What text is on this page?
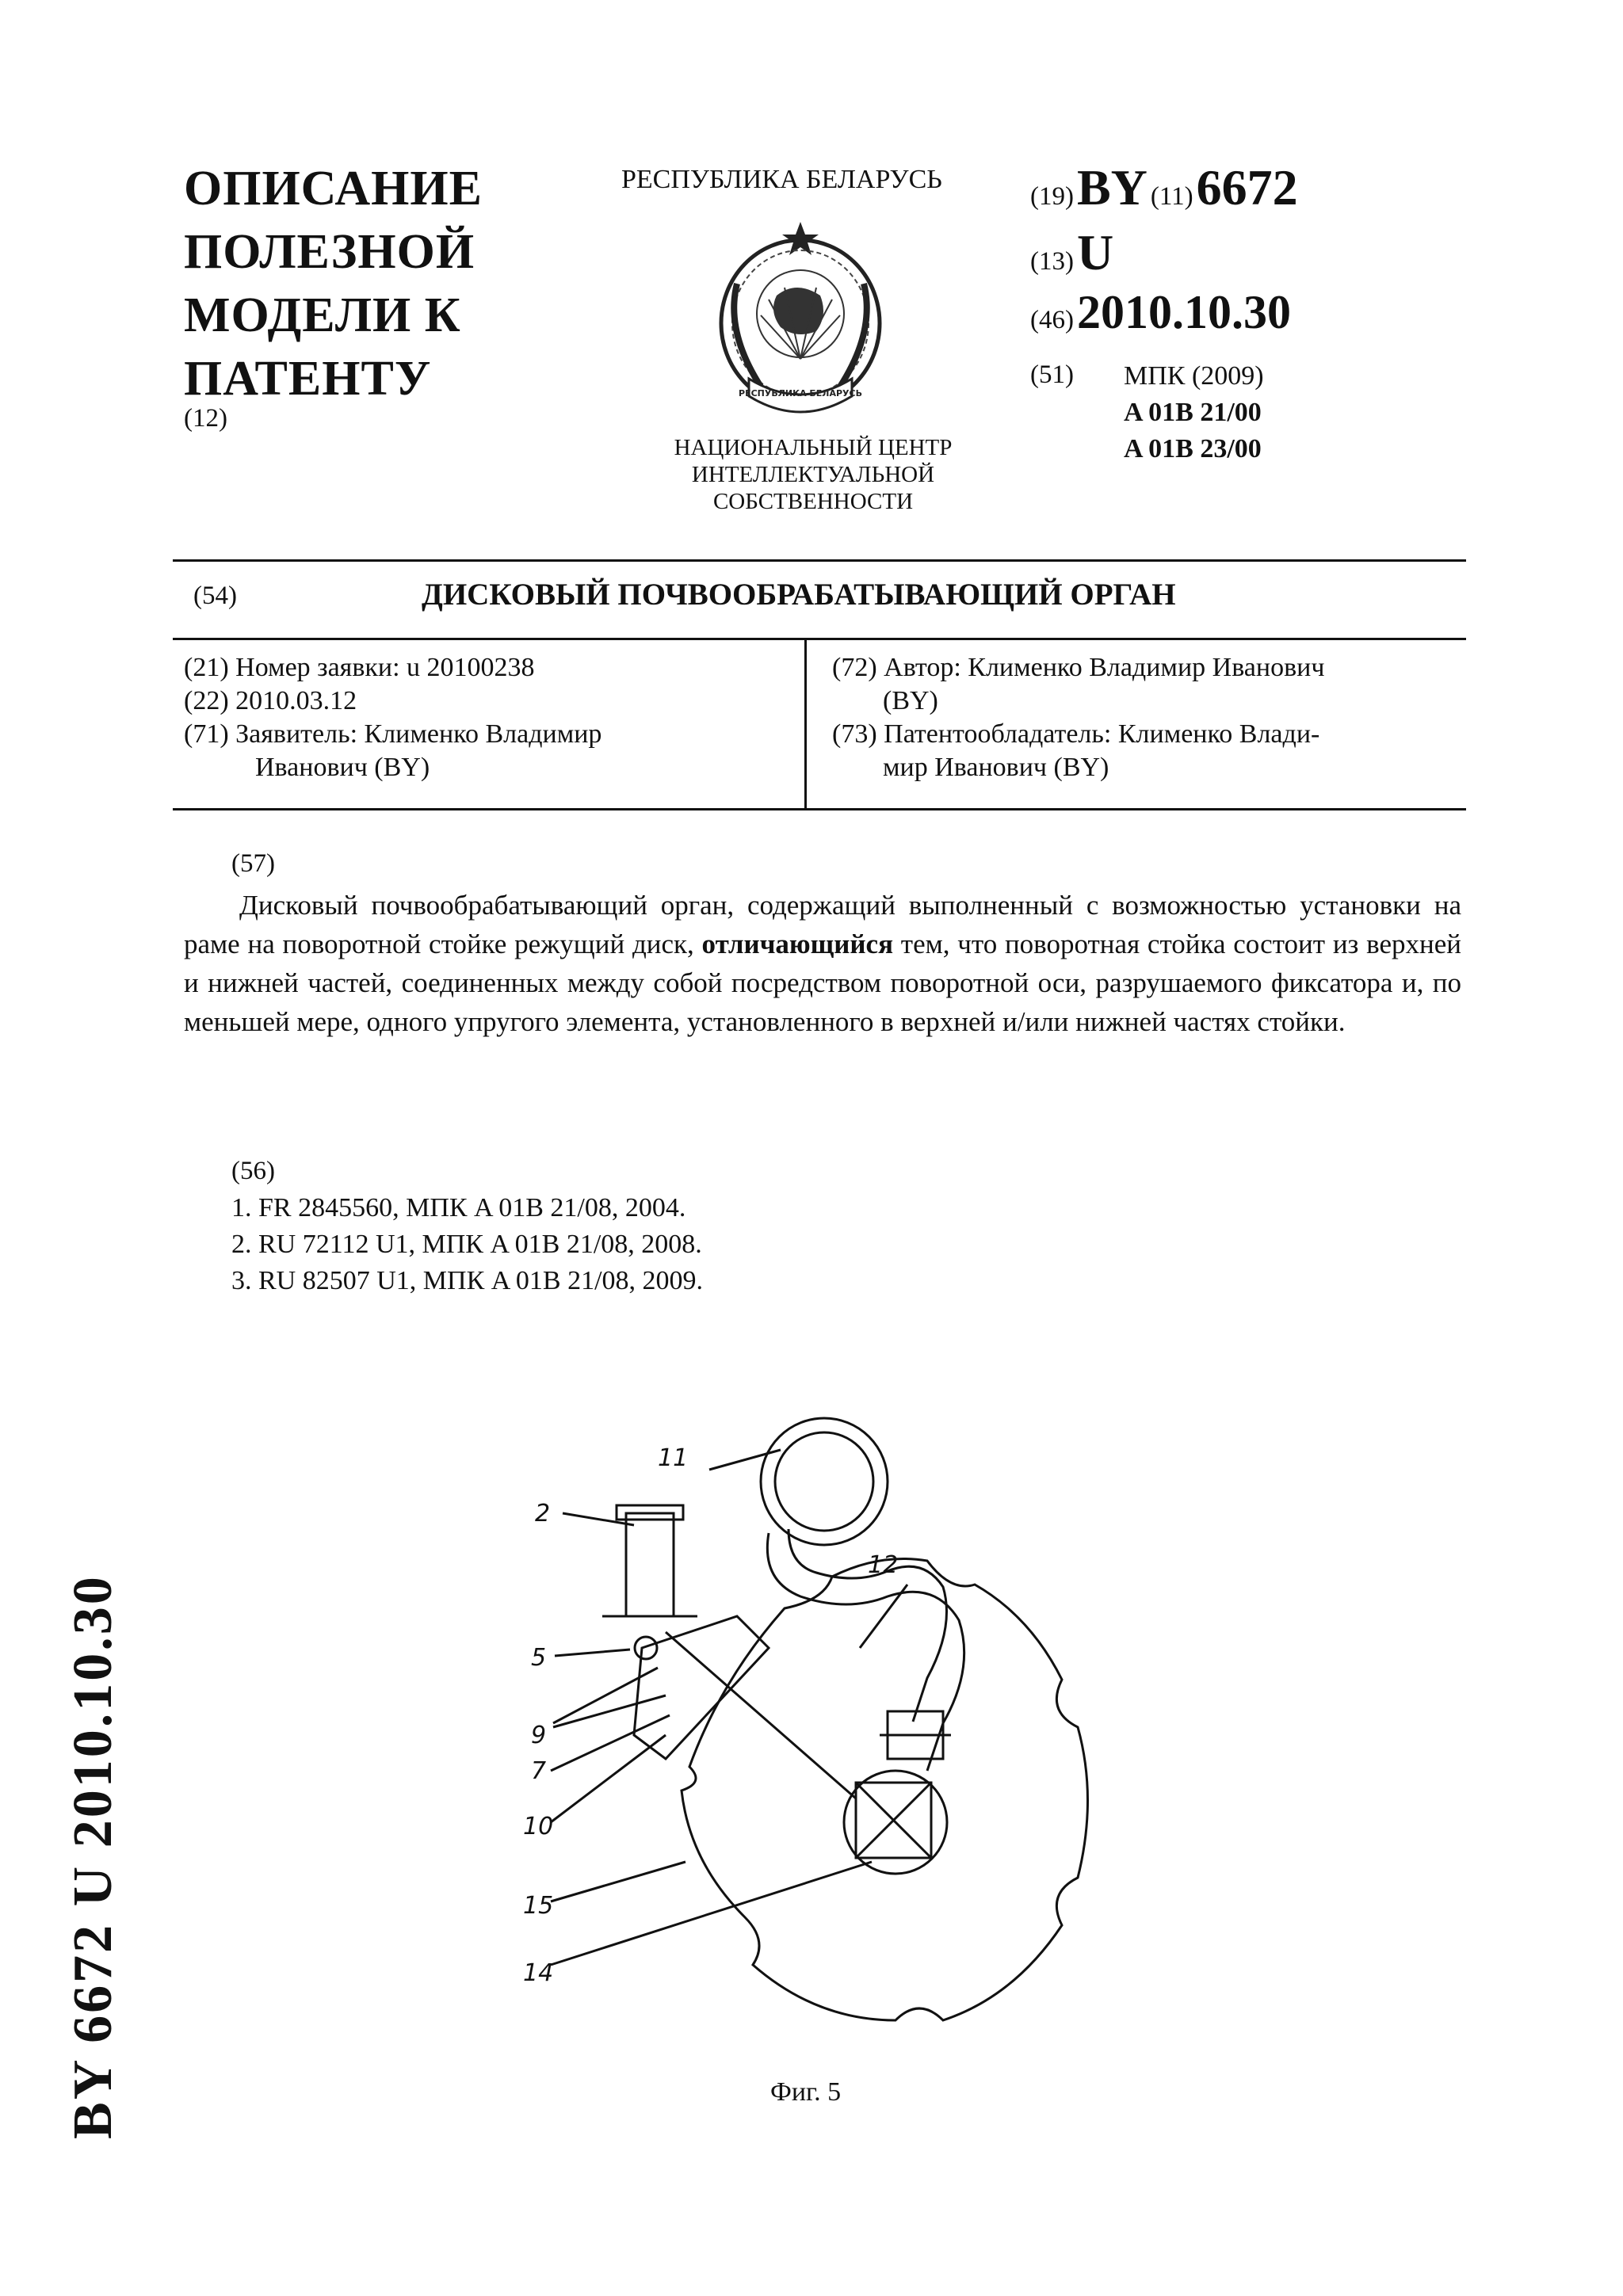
ОПИСАНИЕ
ПОЛЕЗНОЙ
МОДЕЛИ К
ПАТЕНТУ
(12)
РЕСПУБЛИКА БЕЛАРУСЬ
РЕСПУБЛИКА БЕЛАРУСЬ
НАЦИОНАЛЬНЫЙ ЦЕНТР
ИНТЕЛЛЕКТУАЛЬНОЙ
СОБСТВЕННОСТИ
(19) BY (11) 6672
(13) U
(46) 2010.10.30
(51) МПК (2009)
A 01B 21/00
A 01B 23/00
(54)	ДИСКОВЫЙ ПОЧВООБРАБАТЫВАЮЩИЙ ОРГАН
(21) Номер заявки: u 20100238
(22) 2010.03.12
(71) Заявитель: Клименко Владимир
Иванович (BY)
(72) Автор: Клименко Владимир Иванович
(BY)
(73) Патентообладатель: Клименко Влади-
мир Иванович (BY)
(57)
Дисковый почвообрабатывающий орган, содержащий выполненный с возможностью установки на раме на поворотной стойке режущий диск, отличающийся тем, что поворотная стойка состоит из верхней и нижней частей, соединенных между собой посредством поворотной оси, разрушаемого фиксатора и, по меньшей мере, одного упругого элемента, установленного в верхней и/или нижней частях стойки.
(56)
1. FR 2845560, МПК A 01B 21/08, 2004.
2. RU 72112 U1, МПК A 01B 21/08, 2008.
3. RU 82507 U1, МПК A 01B 21/08, 2009.
11
2
12
5
9
7
10
15
14
Фиг. 5
BY 6672 U 2010.10.30
